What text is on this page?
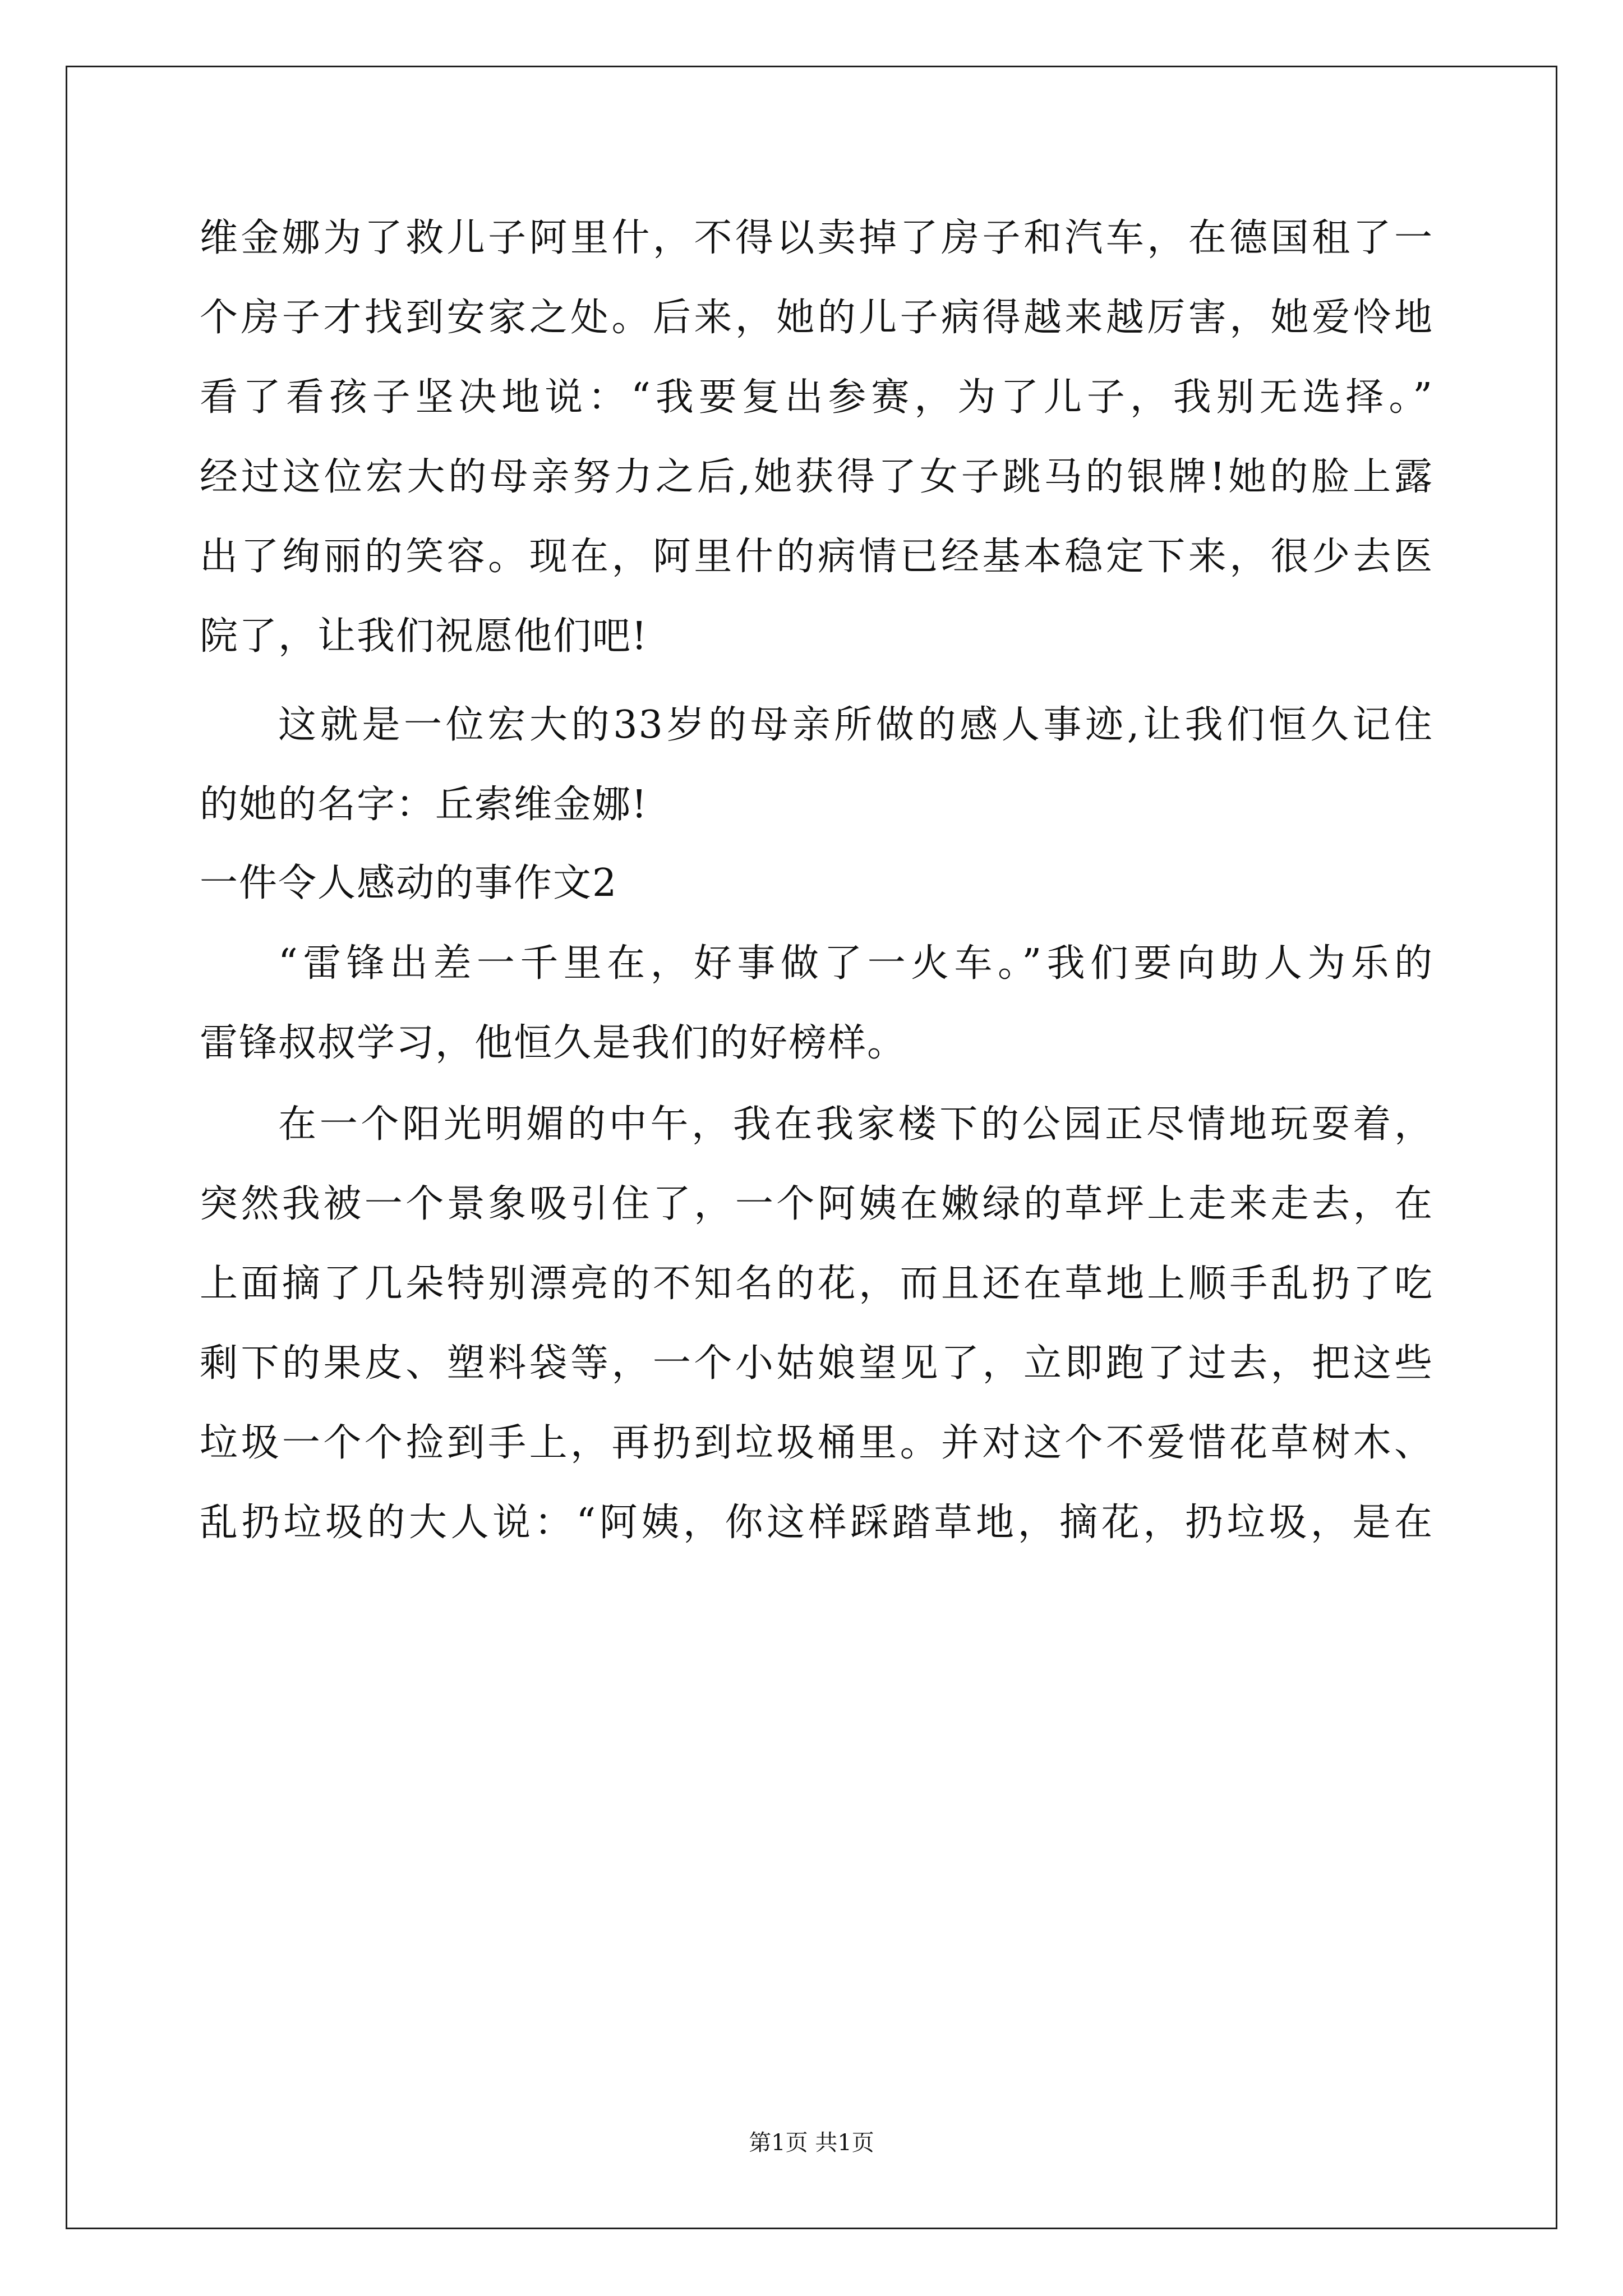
维金娜为了救儿子阿里什，不得以卖掉了房子和汽车，在德国租了一
个房子才找到安家之处。后来，她的儿子病得越来越厉害，她爱怜地
看了看孩子坚决地说：“我要复出参赛，为了儿子，我别无选择。”
经过这位宏大的母亲努力之后,她获得了女子跳马的银牌!她的脸上露
出了绚丽的笑容。现在，阿里什的病情已经基本稳定下来，很少去医
院了，让我们祝愿他们吧!
这就是一位宏大的33岁的母亲所做的感人事迹,让我们恒久记住
的她的名字：丘索维金娜!
一件令人感动的事作文2
“雷锋出差一千里在，好事做了一火车。”我们要向助人为乐的
雷锋叔叔学习，他恒久是我们的好榜样。
在一个阳光明媚的中午，我在我家楼下的公园正尽情地玩耍着，
突然我被一个景象吸引住了，一个阿姨在嫩绿的草坪上走来走去，在
上面摘了几朵特别漂亮的不知名的花，而且还在草地上顺手乱扔了吃
剩下的果皮、塑料袋等，一个小姑娘望见了，立即跑了过去，把这些
垃圾一个个捡到手上，再扔到垃圾桶里。并对这个不爱惜花草树木、
乱扔垃圾的大人说：“阿姨，你这样踩踏草地，摘花，扔垃圾，是在
第1页 共1页
